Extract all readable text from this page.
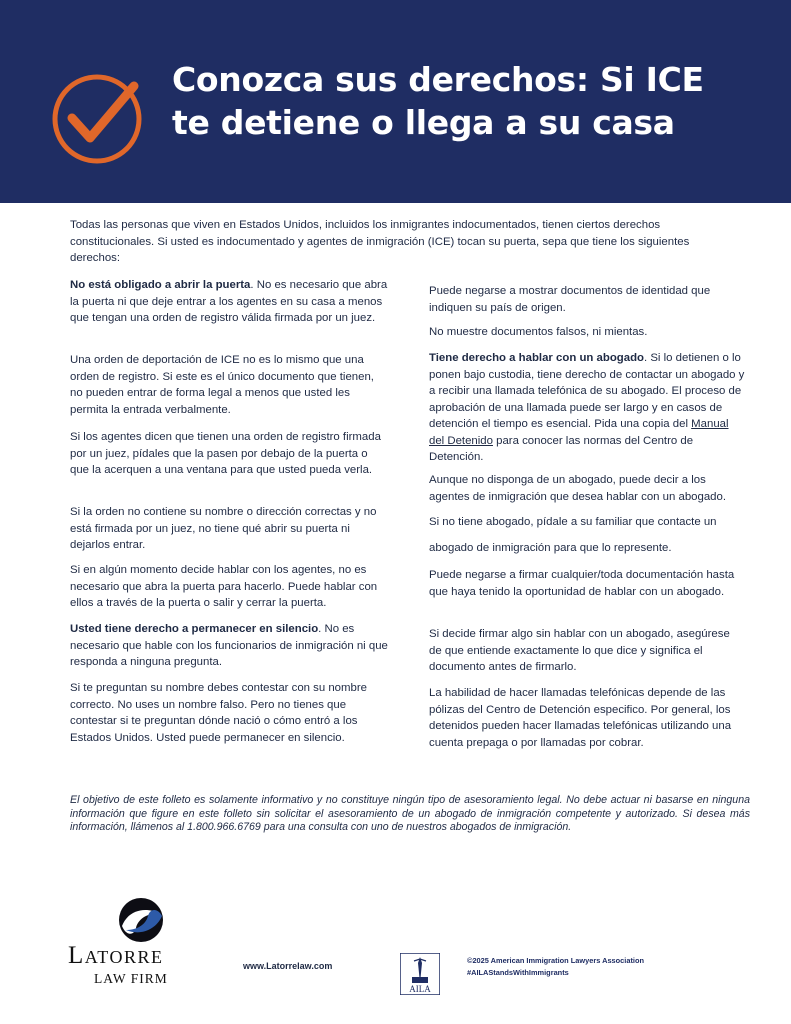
Conozca sus derechos: Si ICE
te detiene o llega a su casa

Todas las personas que viven en Estados Unidos, incluidos los inmigrantes indocumentados, tienen ciertos derechos constitucionales. Si usted es indocumentado y agentes de inmigración (ICE) tocan su puerta, sepa que tiene los siguientes derechos:

No está obligado a abrir la puerta. No es necesario que abra la puerta ni que deje entrar a los agentes en su casa a menos que tengan una orden de registro válida firmada por un juez.

Una orden de deportación de ICE no es lo mismo que una orden de registro. Si este es el único documento que tienen, no pueden entrar de forma legal a menos que usted les permita la entrada verbalmente.

Si los agentes dicen que tienen una orden de registro firmada por un juez, pídales que la pasen por debajo de la puerta o que la acerquen a una ventana para que usted pueda verla.

Si la orden no contiene su nombre o dirección correctas y no está firmada por un juez, no tiene qué abrir su puerta ni dejarlos entrar.

Si en algún momento decide hablar con los agentes, no es necesario que abra la puerta para hacerlo. Puede hablar con ellos a través de la puerta o salir y cerrar la puerta.

Usted tiene derecho a permanecer en silencio. No es necesario que hable con los funcionarios de inmigración ni que responda a ninguna pregunta.

Si te preguntan su nombre debes contestar con su nombre correcto. No uses un nombre falso. Pero no tienes que contestar si te preguntan dónde nació o cómo entró a los Estados Unidos. Usted puede permanecer en silencio.

Puede negarse a mostrar documentos de identidad que indiquen su país de origen.

No muestre documentos falsos, ni mientas.

Tiene derecho a hablar con un abogado. Si lo detienen o lo ponen bajo custodia, tiene derecho de contactar un abogado y a recibir una llamada telefónica de su abogado. El proceso de aprobación de una llamada puede ser largo y en casos de detención el tiempo es esencial. Pida una copia del Manual del Detenido para conocer las normas del Centro de Detención.

Aunque no disponga de un abogado, puede decir a los agentes de inmigración que desea hablar con un abogado.

Si no tiene abogado, pídale a su familiar que contacte un

abogado de inmigración para que lo represente.

Puede negarse a firmar cualquier/toda documentación hasta que haya tenido la oportunidad de hablar con un abogado.

Si decide firmar algo sin hablar con un abogado, asegúrese de que entiende exactamente lo que dice y significa el documento antes de firmarlo.

La habilidad de hacer llamadas telefónicas depende de las pólizas del Centro de Detención especifico. Por general, los detenidos pueden hacer llamadas telefónicas utilizando una cuenta prepaga o por llamadas por cobrar.

El objetivo de este folleto es solamente informativo y no constituye ningún tipo de asesoramiento legal. No debe actuar ni basarse en ninguna información que figure en este folleto sin solicitar el asesoramiento de un abogado de inmigración competente y autorizado. Si desea más información, llámenos al 1.800.966.6769 para una consulta con uno de nuestros abogados de inmigración.

Latorre

LAW FIRM

www.Latorrelaw.com

AILA

©2025 American Immigration Lawyers Association
#AILAStandsWithImmigrants
